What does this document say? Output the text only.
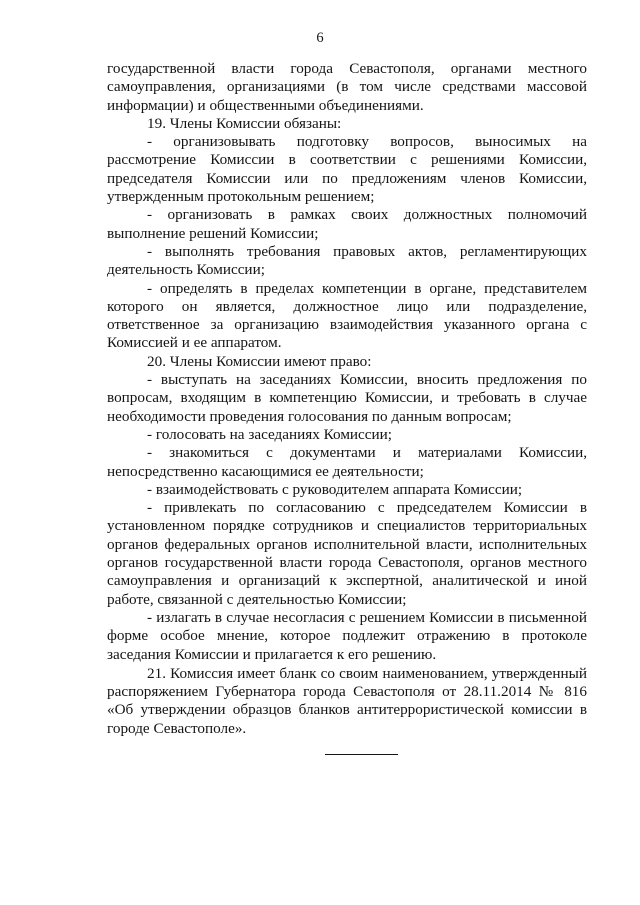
6

государственной власти города Севастополя, органами местного самоуправления, организациями (в том числе средствами массовой информации) и общественными объединениями.

19. Члены Комиссии обязаны:

- организовывать подготовку вопросов, выносимых на рассмотрение Комиссии в соответствии с решениями Комиссии, председателя Комиссии или по предложениям членов Комиссии, утвержденным протокольным решением;

- организовать в рамках своих должностных полномочий выполнение решений Комиссии;

- выполнять требования правовых актов, регламентирующих деятельность Комиссии;

- определять в пределах компетенции в органе, представителем которого он является, должностное лицо или подразделение, ответственное за организацию взаимодействия указанного органа с Комиссией и ее аппаратом.

20. Члены Комиссии имеют право:

- выступать на заседаниях Комиссии, вносить предложения по вопросам, входящим в компетенцию Комиссии, и требовать в случае необходимости проведения голосования по данным вопросам;

- голосовать на заседаниях Комиссии;

- знакомиться с документами и материалами Комиссии, непосредственно касающимися ее деятельности;

- взаимодействовать с руководителем аппарата Комиссии;

- привлекать по согласованию с председателем Комиссии в установленном порядке сотрудников и специалистов территориальных органов федеральных органов исполнительной власти, исполнительных органов государственной власти города Севастополя, органов местного самоуправления и организаций к экспертной, аналитической и иной работе, связанной с деятельностью Комиссии;

- излагать в случае несогласия с решением Комиссии в письменной форме особое мнение, которое подлежит отражению в протоколе заседания Комиссии и прилагается к его решению.

21. Комиссия имеет бланк со своим наименованием, утвержденный распоряжением Губернатора города Севастополя от 28.11.2014 № 816 «Об утверждении образцов бланков антитеррористической комиссии в городе Севастополе».
